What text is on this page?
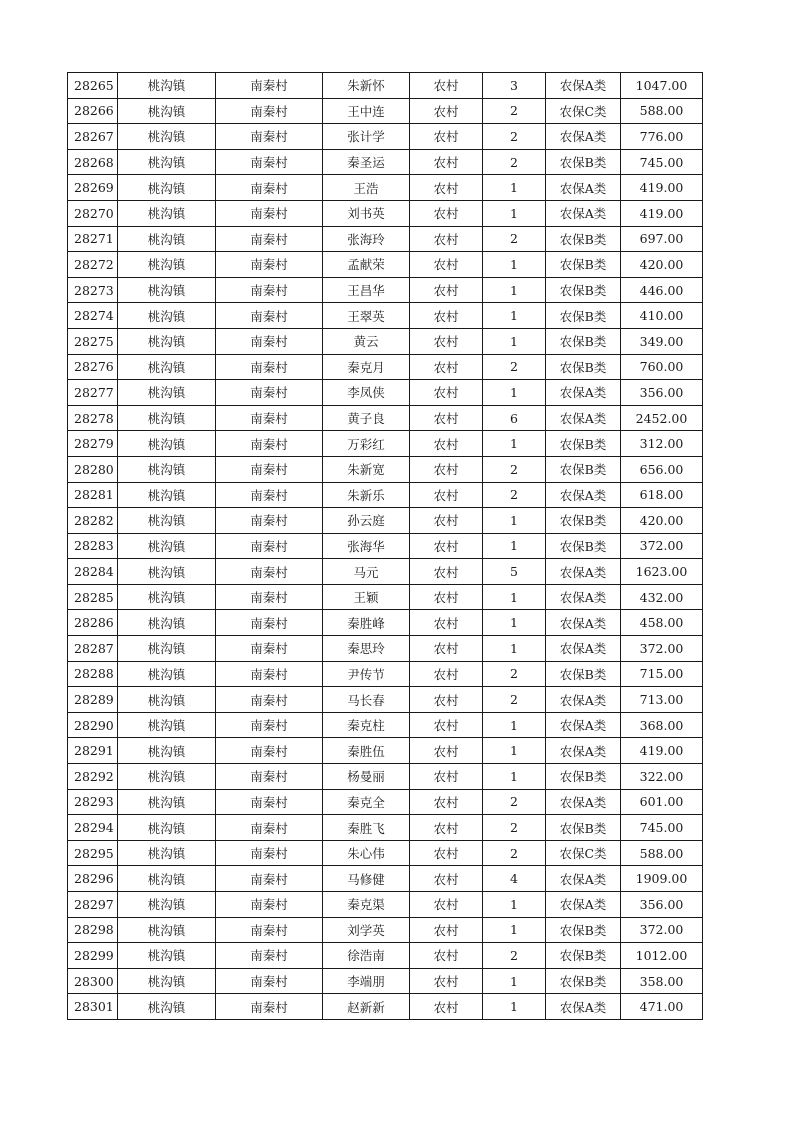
28265	桃沟镇	南秦村	朱新怀	农村	3	农保A类	1047.00
28266	桃沟镇	南秦村	王中连	农村	2	农保C类	588.00
28267	桃沟镇	南秦村	张计学	农村	2	农保A类	776.00
28268	桃沟镇	南秦村	秦圣运	农村	2	农保B类	745.00
28269	桃沟镇	南秦村	王浩	农村	1	农保A类	419.00
28270	桃沟镇	南秦村	刘书英	农村	1	农保A类	419.00
28271	桃沟镇	南秦村	张海玲	农村	2	农保B类	697.00
28272	桃沟镇	南秦村	孟献荣	农村	1	农保B类	420.00
28273	桃沟镇	南秦村	王昌华	农村	1	农保B类	446.00
28274	桃沟镇	南秦村	王翠英	农村	1	农保B类	410.00
28275	桃沟镇	南秦村	黄云	农村	1	农保B类	349.00
28276	桃沟镇	南秦村	秦克月	农村	2	农保B类	760.00
28277	桃沟镇	南秦村	李凤侠	农村	1	农保A类	356.00
28278	桃沟镇	南秦村	黄子良	农村	6	农保A类	2452.00
28279	桃沟镇	南秦村	万彩红	农村	1	农保B类	312.00
28280	桃沟镇	南秦村	朱新宽	农村	2	农保B类	656.00
28281	桃沟镇	南秦村	朱新乐	农村	2	农保A类	618.00
28282	桃沟镇	南秦村	孙云庭	农村	1	农保B类	420.00
28283	桃沟镇	南秦村	张海华	农村	1	农保B类	372.00
28284	桃沟镇	南秦村	马元	农村	5	农保A类	1623.00
28285	桃沟镇	南秦村	王颖	农村	1	农保A类	432.00
28286	桃沟镇	南秦村	秦胜峰	农村	1	农保A类	458.00
28287	桃沟镇	南秦村	秦思玲	农村	1	农保A类	372.00
28288	桃沟镇	南秦村	尹传节	农村	2	农保B类	715.00
28289	桃沟镇	南秦村	马长春	农村	2	农保A类	713.00
28290	桃沟镇	南秦村	秦克柱	农村	1	农保A类	368.00
28291	桃沟镇	南秦村	秦胜伍	农村	1	农保A类	419.00
28292	桃沟镇	南秦村	杨曼丽	农村	1	农保B类	322.00
28293	桃沟镇	南秦村	秦克全	农村	2	农保A类	601.00
28294	桃沟镇	南秦村	秦胜飞	农村	2	农保B类	745.00
28295	桃沟镇	南秦村	朱心伟	农村	2	农保C类	588.00
28296	桃沟镇	南秦村	马修健	农村	4	农保A类	1909.00
28297	桃沟镇	南秦村	秦克渠	农村	1	农保A类	356.00
28298	桃沟镇	南秦村	刘学英	农村	1	农保B类	372.00
28299	桃沟镇	南秦村	徐浩南	农村	2	农保B类	1012.00
28300	桃沟镇	南秦村	李端朋	农村	1	农保B类	358.00
28301	桃沟镇	南秦村	赵新新	农村	1	农保A类	471.00
